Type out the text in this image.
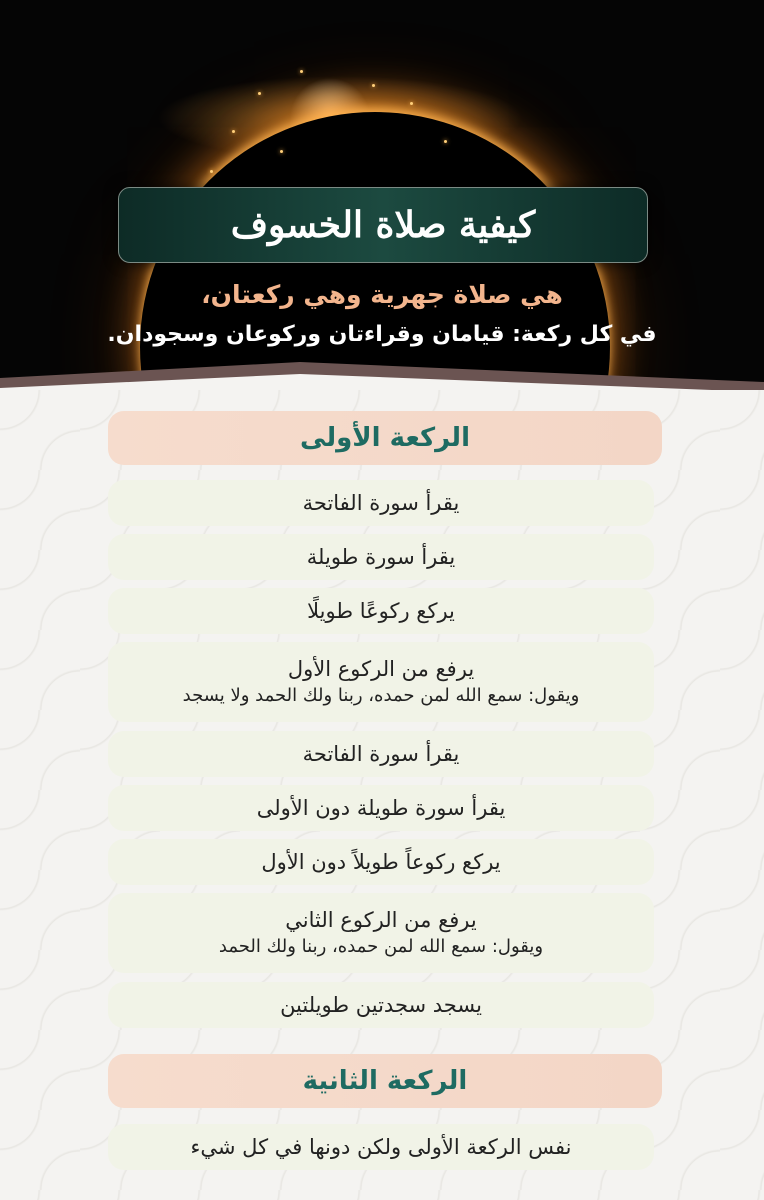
كيفية صلاة الخسوف
هي صلاة جهرية وهي ركعتان،
في كل ركعة: قيامان وقراءتان وركوعان وسجودان.
الركعة الأولى
يقرأ سورة الفاتحة
يقرأ سورة طويلة
يركع ركوعًا طويلًا
يرفع من الركوع الأول
ويقول: سمع الله لمن حمده، ربنا ولك الحمد ولا يسجد
يقرأ سورة الفاتحة
يقرأ سورة طويلة دون الأولى
يركع ركوعاً طويلاً دون الأول
يرفع من الركوع الثاني
ويقول: سمع الله لمن حمده، ربنا ولك الحمد
يسجد سجدتين طويلتين
الركعة الثانية
نفس الركعة الأولى ولكن دونها في كل شيء
